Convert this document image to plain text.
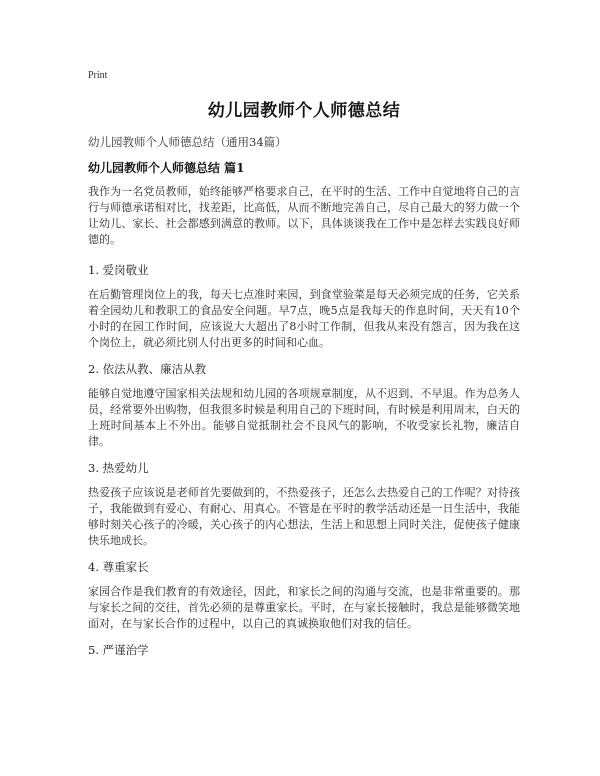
Print
幼儿园教师个人师德总结
幼儿园教师个人师德总结（通用34篇）
幼儿园教师个人师德总结 篇1

我作为一名党员教师，始终能够严格要求自己，在平时的生活、工作中自觉地将自己的言行与师德承诺相对比，找差距，比高低，从而不断地完善自己，尽自己最大的努力做一个让幼儿、家长、社会都感到满意的教师。以下，具体谈谈我在工作中是怎样去实践良好师德的。

1. 爱岗敬业

在后勤管理岗位上的我，每天七点准时来园，到食堂验菜是每天必须完成的任务，它关系着全园幼儿和教职工的食品安全问题。早7点，晚5点是我每天的作息时间，天天有10个小时的在园工作时间，应该说大大超出了8小时工作制，但我从来没有怨言，因为我在这个岗位上，就必须比别人付出更多的时间和心血。

2. 依法从教、廉洁从教

能够自觉地遵守国家相关法规和幼儿园的各项规章制度，从不迟到、不早退。作为总务人员，经常要外出购物，但我很多时候是利用自己的下班时间，有时候是利用周末，白天的上班时间基本上不外出。能够自觉抵制社会不良风气的影响，不收受家长礼物，廉洁自律。

3. 热爱幼儿

热爱孩子应该说是老师首先要做到的，不热爱孩子，还怎么去热爱自己的工作呢？对待孩子，我能做到有爱心、有耐心、用真心。不管是在平时的教学活动还是一日生活中，我能够时刻关心孩子的冷暖，关心孩子的内心想法，生活上和思想上同时关注，促使孩子健康快乐地成长。

4. 尊重家长

家园合作是我们教育的有效途径，因此，和家长之间的沟通与交流，也是非常重要的。那与家长之间的交往，首先必须的是尊重家长。平时，在与家长接触时，我总是能够微笑地面对，在与家长合作的过程中，以自己的真诚换取他们对我的信任。

5. 严谨治学
